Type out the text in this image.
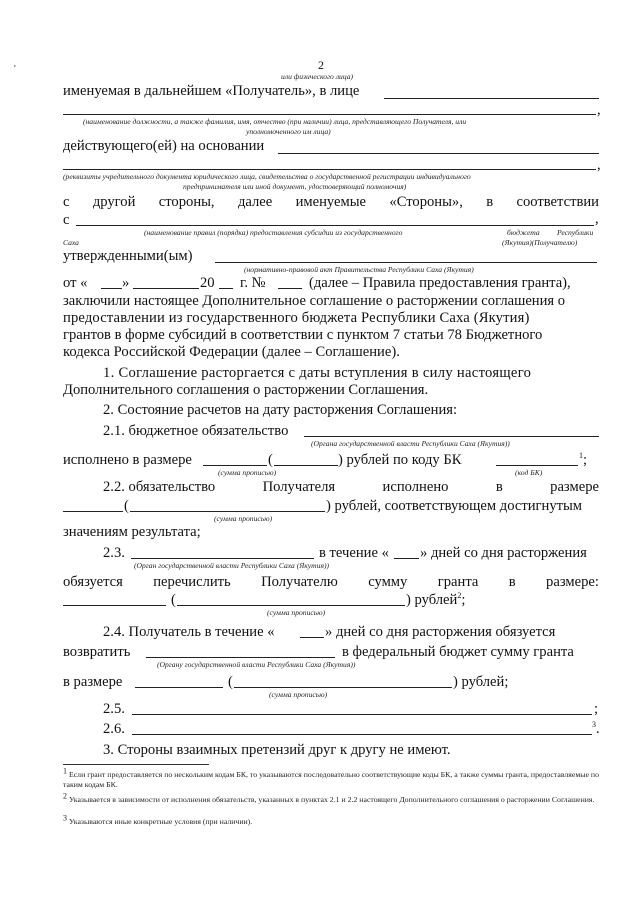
2
'
или физического лица)
именуемая в дальнейшем «Получатель», в лице
,
(наименование должности, а также фамилия, имя, отчество (при наличии) лица, представляющего Получателя, или
уполномоченного им лица)
действующего(ей) на основании
,
(реквизиты учредительного документа юридического лица, свидетельства о государственной регистрации индивидуального
предпринимателя или иной документ, удостоверяющий полномочия)
с другой стороны, далее именуемые «Стороны», в соответствии
с	,
(наименование правил (порядка) предоставления субсидии из государственного	бюджета Республики
Саха	(Якутия)(Получателю)
утвержденными(ым)
(нормативно-правовой акт Правительства Республики Саха (Якутия)
от « »	20 г. №	(далее – Правила предоставления гранта),
заключили настоящее Дополнительное соглашение о расторжении соглашения о
предоставлении из государственного бюджета Республики Саха (Якутия)
грантов в форме субсидий в соответствии с пунктом 7 статьи 78 Бюджетного
кодекса Российской Федерации (далее – Соглашение).
1. Соглашение расторгается с даты вступления в силу настоящего
Дополнительного соглашения о расторжении Соглашения.
2. Состояние расчетов на дату расторжения Соглашения:
2.1. бюджетное обязательство
(Органа государственной власти Республики Саха (Якутия))
исполнено в размере	(	) рублей по коду БК	$^1$;
(сумма прописью)	(код БК)
2.2. обязательство	Получателя	исполнено	в	размере
(	) рублей, соответствующем достигнутым
(сумма прописью)
значениям результата;
2.3.	в течение « » дней со дня расторжения
(Орган государственной власти Республики Саха (Якутия))
обязуется перечислить Получателю сумму гранта в размере:
(	) рублей$^2$;
(сумма прописью)
2.4. Получатель в течение «	» дней со дня расторжения обязуется
возвратить	в федеральный бюджет сумму гранта
(Органу государственной власти Республики Саха (Якутия))
в размере	(	) рублей;
(сумма прописью)
2.5.	;
2.6.	$^3$.
3. Стороны взаимных претензий друг к другу не имеют.
$^1$ Если грант предоставляется по нескольким кодам БК, то указываются последовательно соответствующие коды БК, а также суммы гранта, предоставляемые по таким кодам БК.
$^2$ Указывается в зависимости от исполнения обязательств, указанных в пунктах 2.1 и 2.2 настоящего Дополнительного соглашения о расторжении Соглашения.
$^3$ Указываются иные конкретные условия (при наличии).
